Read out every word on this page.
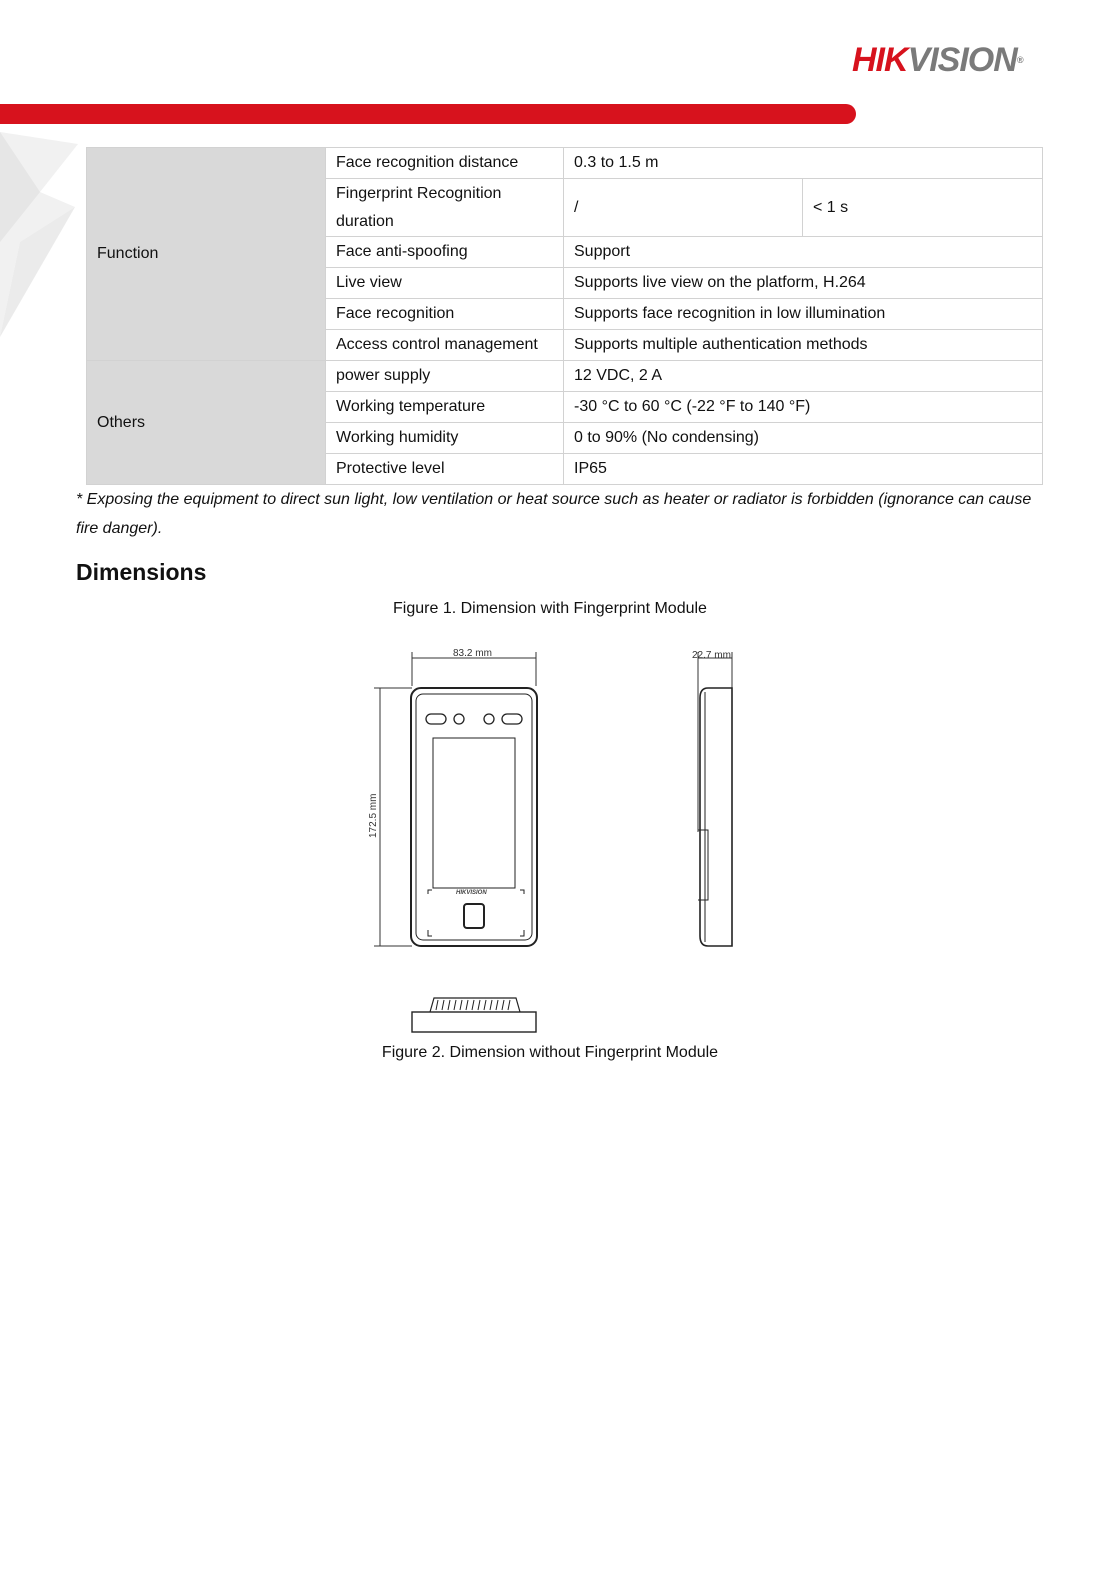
HIKVISION®
Function	Face recognition distance	0.3 to 1.5 m	
	Fingerprint Recognition duration	/	< 1 s
	Face anti-spoofing	Support	
	Live view	Supports live view on the platform, H.264	
	Face recognition	Supports face recognition in low illumination	
	Access control management	Supports multiple authentication methods	
Others	power supply	12 VDC, 2 A	
	Working temperature	-30 °C to 60 °C (-22 °F to 140 °F)	
	Working humidity	0 to 90% (No condensing)	
	Protective level	IP65	
* Exposing the equipment to direct sun light, low ventilation or heat source such as heater or radiator is forbidden (ignorance can cause fire danger).
Dimensions
Figure 1. Dimension with Fingerprint Module
HIKVISION
83.2 mm	22.7 mm
172.5 mm
Figure 2. Dimension without Fingerprint Module
